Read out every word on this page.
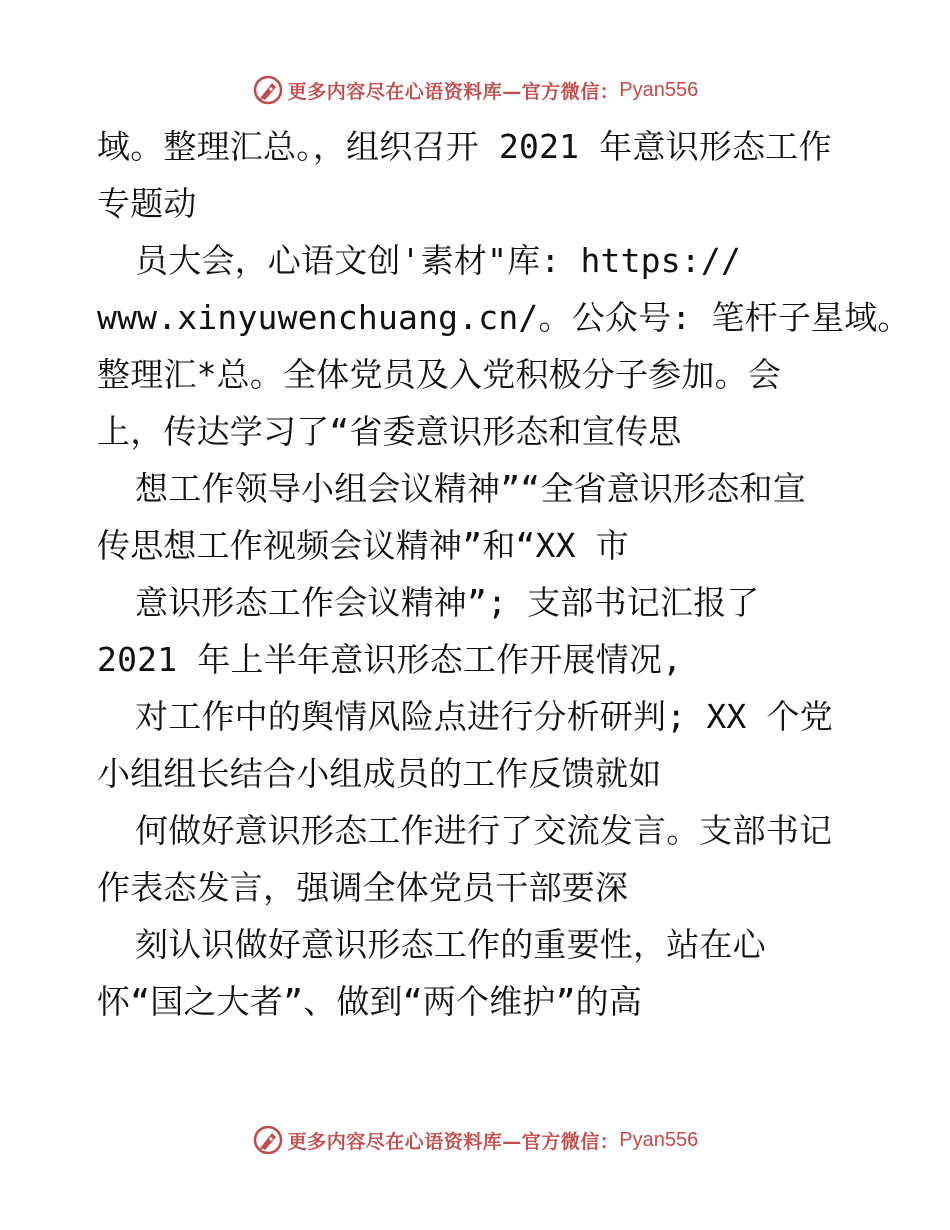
更多内容尽在心语资料库—官方微信： Pyan556
域。整理汇总。，组织召开 2021 年意识形态工作
专题动
员大会，心语文创'素材"库: https://
www.xinyuwenchuang.cn/。公众号: 笔杆子星域。
整理汇*总。全体党员及入党积极分子参加。会
上，传达学习了“省委意识形态和宣传思
想工作领导小组会议精神”“全省意识形态和宣
传思想工作视频会议精神”和“XX 市
意识形态工作会议精神”; 支部书记汇报了
2021 年上半年意识形态工作开展情况,
对工作中的舆情风险点进行分析研判; XX 个党
小组组长结合小组成员的工作反馈就如
何做好意识形态工作进行了交流发言。支部书记
作表态发言，强调全体党员干部要深
刻认识做好意识形态工作的重要性，站在心
怀“国之大者”、做到“两个维护”的高
更多内容尽在心语资料库—官方微信： Pyan556
